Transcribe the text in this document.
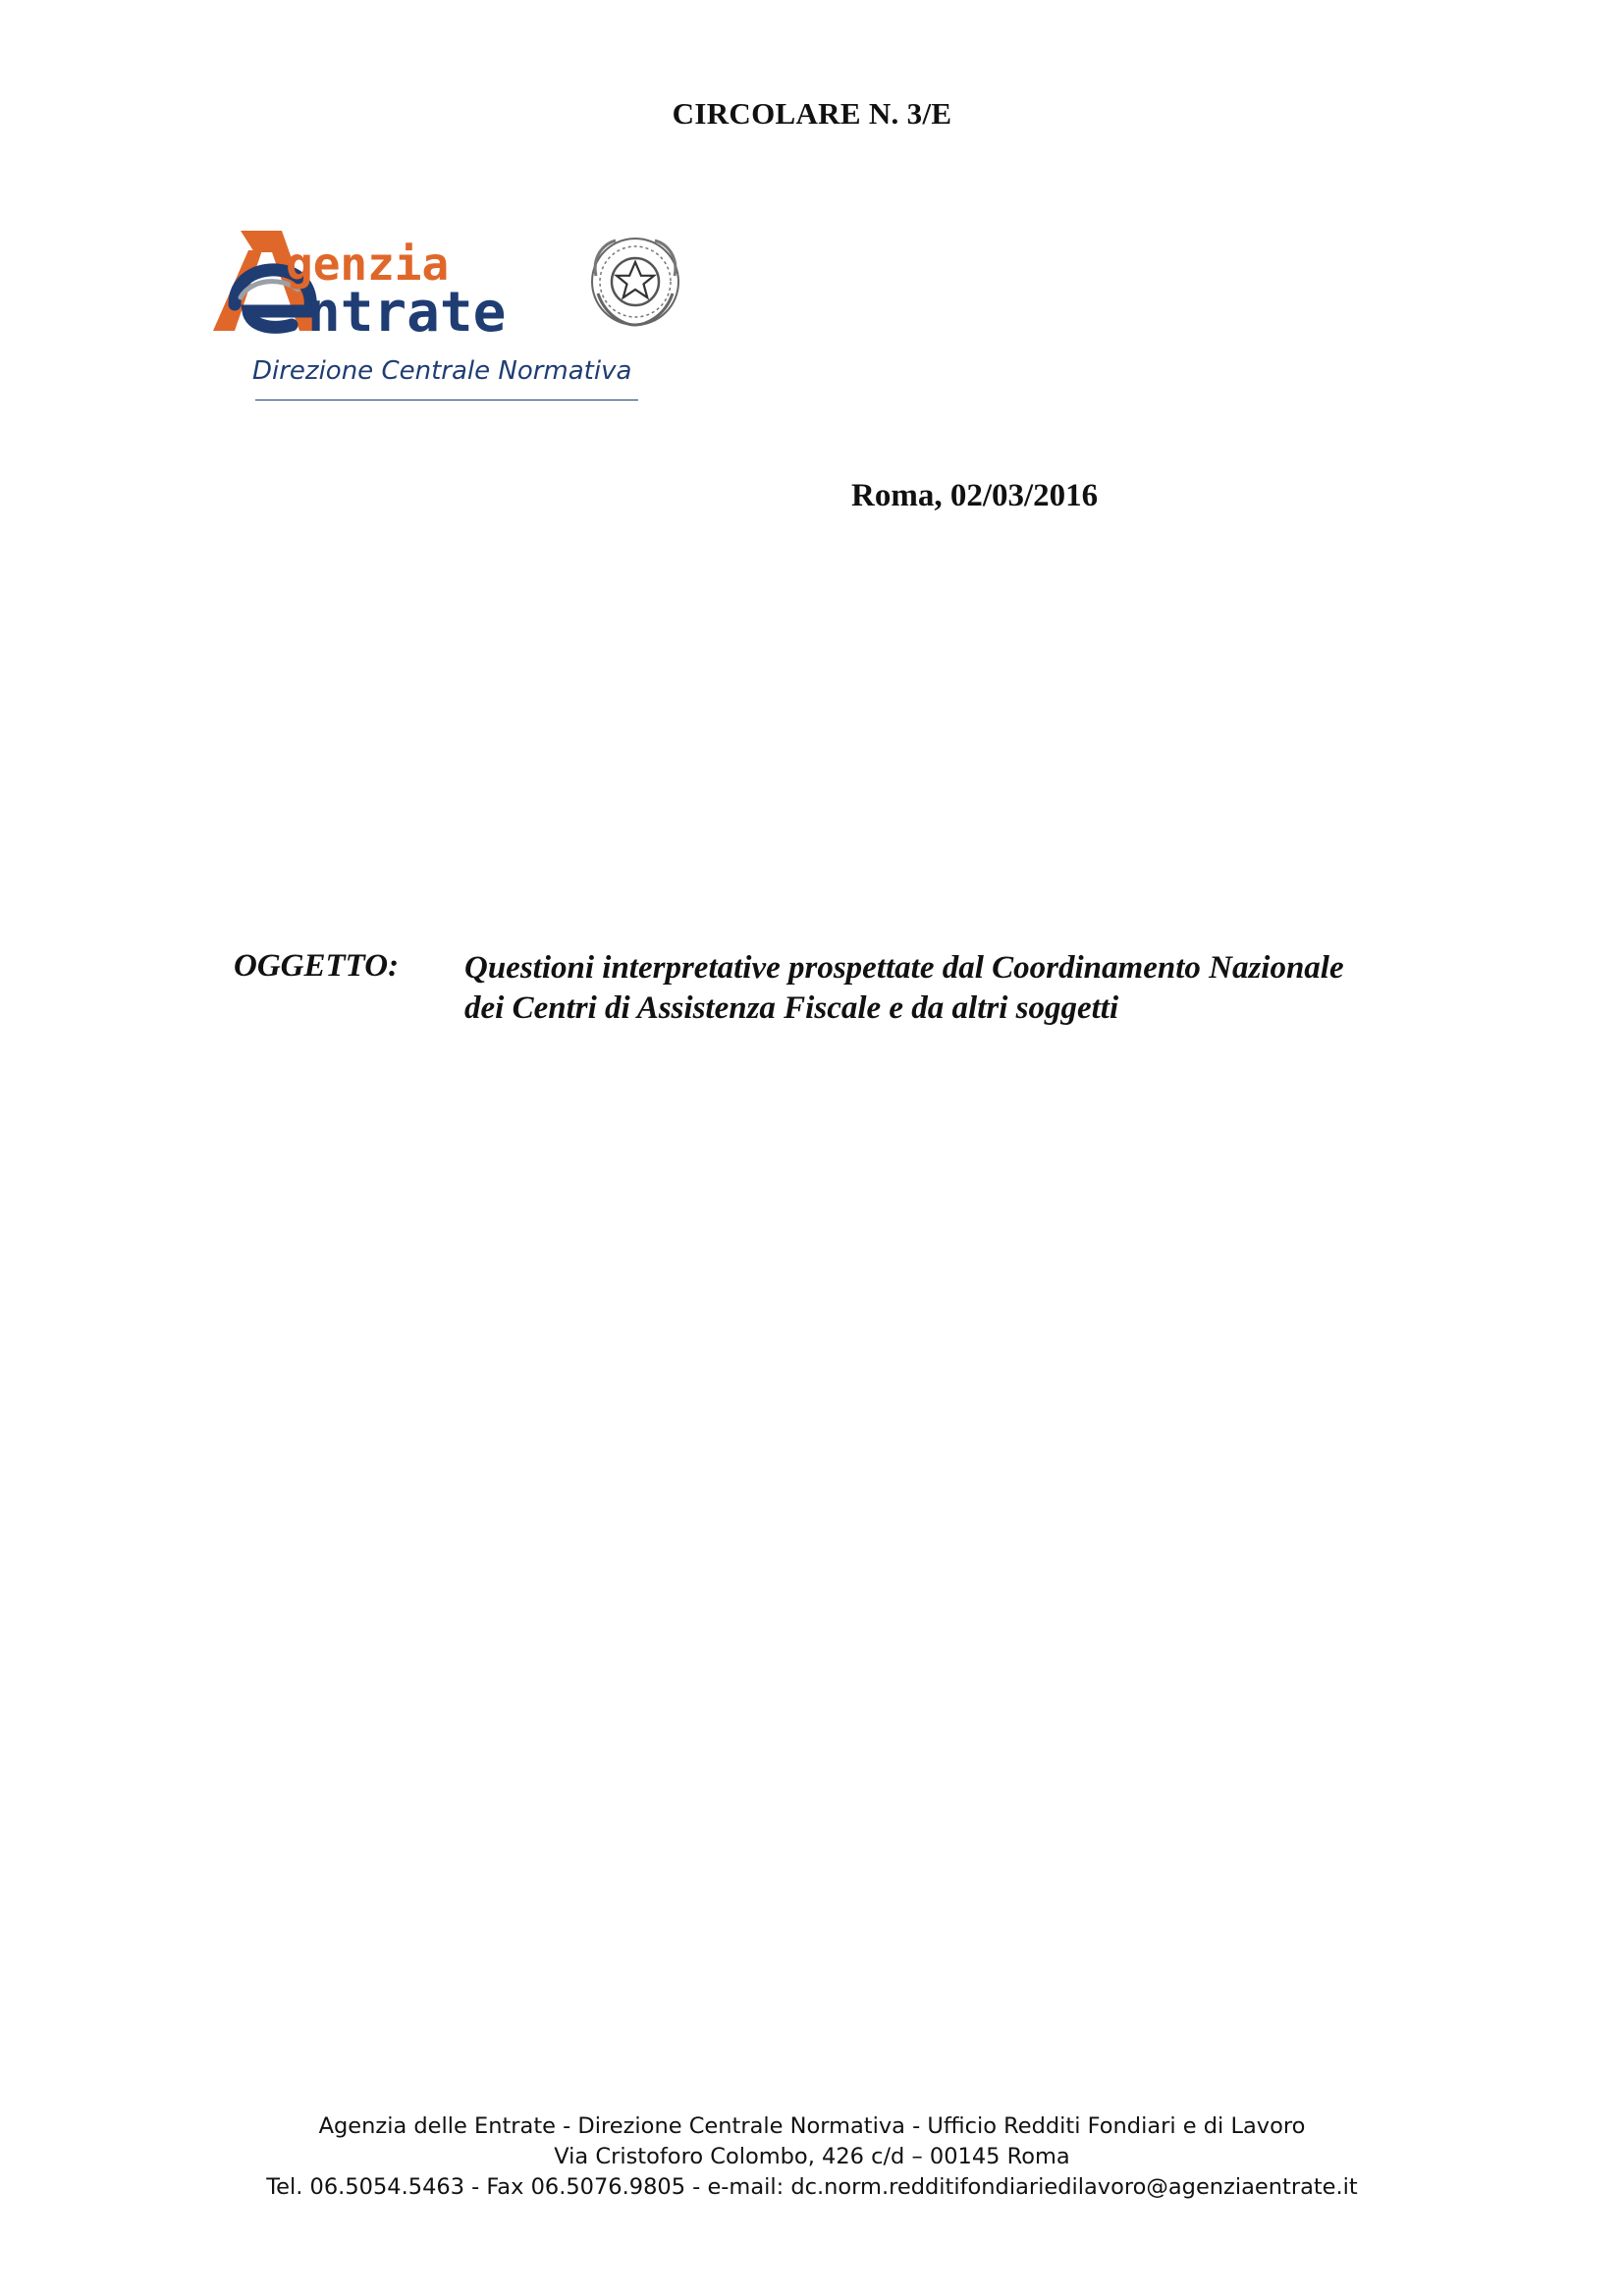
CIRCOLARE N. 3/E
genzia
ntrate
Direzione Centrale Normativa
Roma, 02/03/2016
OGGETTO: Questioni interpretative prospettate dal Coordinamento Nazionale
dei Centri di Assistenza Fiscale e da altri soggetti
Agenzia delle Entrate - Direzione Centrale Normativa - Ufficio Redditi Fondiari e di Lavoro
Via Cristoforo Colombo, 426 c/d – 00145 Roma
Tel. 06.5054.5463 - Fax 06.5076.9805 - e-mail: dc.norm.redditifondiariedilavoro@agenziaentrate.it
